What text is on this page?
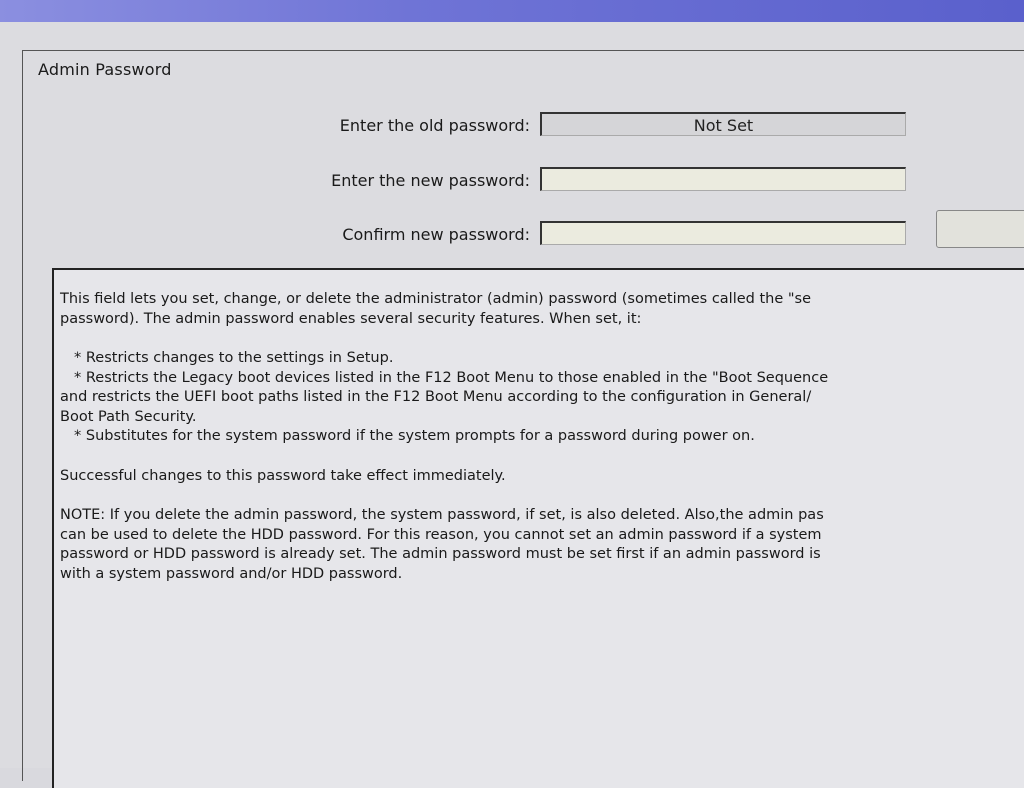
Admin Password
Enter the old password:	Not Set
Enter the new password:
Confirm new password:

This field lets you set, change, or delete the administrator (admin) password (sometimes called the "se

password). The admin password enables several security features. When set, it:

* Restricts changes to the settings in Setup.

* Restricts the Legacy boot devices listed in the F12 Boot Menu to those enabled in the "Boot Sequence

and restricts the UEFI boot paths listed in the F12 Boot Menu according to the configuration in General/

Boot Path Security.

* Substitutes for the system password if the system prompts for a password during power on.

Successful changes to this password take effect immediately.

NOTE: If you delete the admin password, the system password, if set, is also deleted. Also,the admin pas

can be used to delete the HDD password. For this reason, you cannot set an admin password if a system

password or HDD password is already set. The admin password must be set first if an admin password is

with a system password and/or HDD password.
